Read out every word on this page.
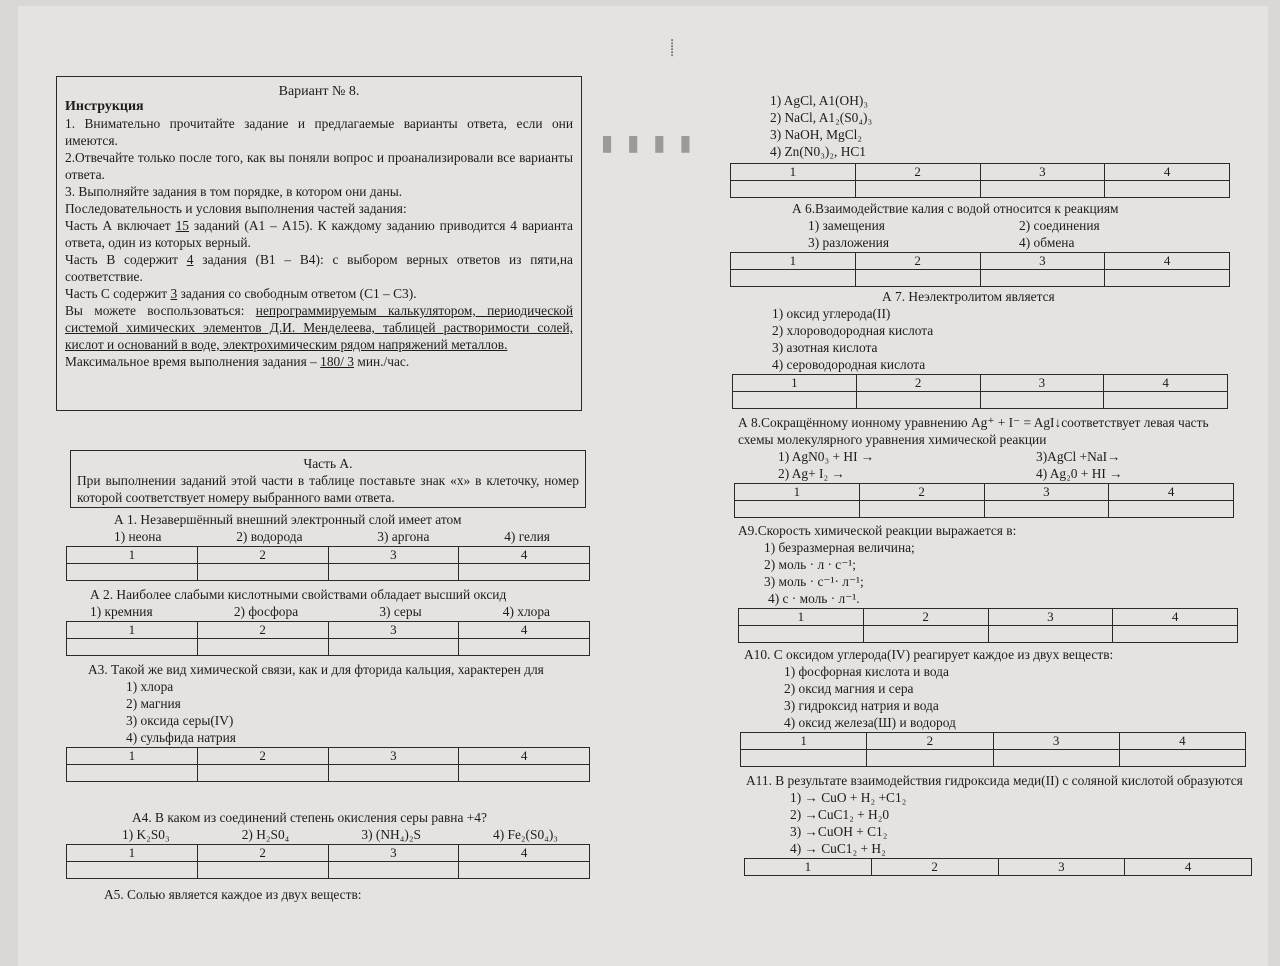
Вариант № 8.
Инструкция

1. Внимательно прочитайте задание и предлагаемые варианты ответа, если они имеются.

2.Отвечайте только после того, как вы поняли вопрос и проанализировали все варианты ответа.

3. Выполняйте задания в том порядке, в котором они даны.

Последовательность и условия выполнения частей задания:

Часть А включает 15 заданий (А1 – А15). К каждому заданию приводится 4 варианта ответа, один из которых верный.

Часть В содержит 4 задания (В1 – В4): с выбором верных ответов из пяти,на соответствие.

Часть С содержит 3 задания со свободным ответом (С1 – С3).

Вы можете воспользоваться: непрограммируемым калькулятором, периодической системой химических элементов Д.И. Менделеева, таблицей растворимости солей, кислот и оснований в воде, электрохимическим рядом напряжений металлов.

Максимальное время выполнения задания – 180/ 3 мин./час.

▮▮▮▮
⸽
Часть А.

При выполнении заданий этой части в таблице поставьте знак «х» в клеточку, номер которой соответствует номеру выбранного вами ответа.

А 1. Незавершённый внешний электронный слой имеет атом
1) неона	2) водорода	3) аргона	4) гелия
1	2	3	4

А 2. Наиболее слабыми кислотными свойствами обладает высший оксид
1) кремния	2) фосфора	3) серы	4) хлора
1	2	3	4

А3. Такой же вид химической связи, как и для фторида кальция, характерен для
1) хлора
2) магния
3) оксида серы(IV)
4) сульфида натрия
1	2	3	4

А4. В каком из соединений степень окисления серы равна +4?
1) K₂S0₃	2) H₂S0₄	3) (NH₄)₂S	4) Fe₂(S0₄)₃
1	2	3	4

А5. Солью является каждое из двух веществ:
1) AgCl, A1(OH)₃
2) NaCl, A1₂(S0₄)₃
3) NaOH, MgCl₂
4) Zn(N0₃)₂, HC1
1	2	3	4

А 6.Взаимодействие калия с водой относится к реакциям
1) замещения	2) соединения
3) разложения	4) обмена
1	2	3	4

А 7. Неэлектролитом является
1) оксид углерода(II)
2) хлороводородная кислота
3) азотная кислота
4) сероводородная кислота
1	2	3	4

А 8.Сокращённому ионному уравнению Ag⁺ + I⁻ = AgI↓соответствует левая часть схемы молекулярного уравнения химической реакции
1) AgN0₃ + HI →	3)AgCl +NaI→
2) Ag+ I₂ →	4) Ag₂0 + HI →
1	2	3	4

А9.Скорость химической реакции выражается в:
1) безразмерная величина;
2) моль · л · с⁻¹;
3) моль · с⁻¹· л⁻¹;
4) с · моль · л⁻¹.
1	2	3	4

А10. С оксидом углерода(IV) реагирует каждое из двух веществ:
1) фосфорная кислота и вода
2) оксид магния и сера
3) гидроксид натрия и вода
4) оксид железа(Ш) и водород
1	2	3	4

А11. В результате взаимодействия гидроксида меди(II) с соляной кислотой образуются
1) → CuO + H₂ +C1₂
2) →CuC1₂ + H₂0
3) →CuOH + C1₂
4) → CuC1₂ + H₂
1	2	3	4
